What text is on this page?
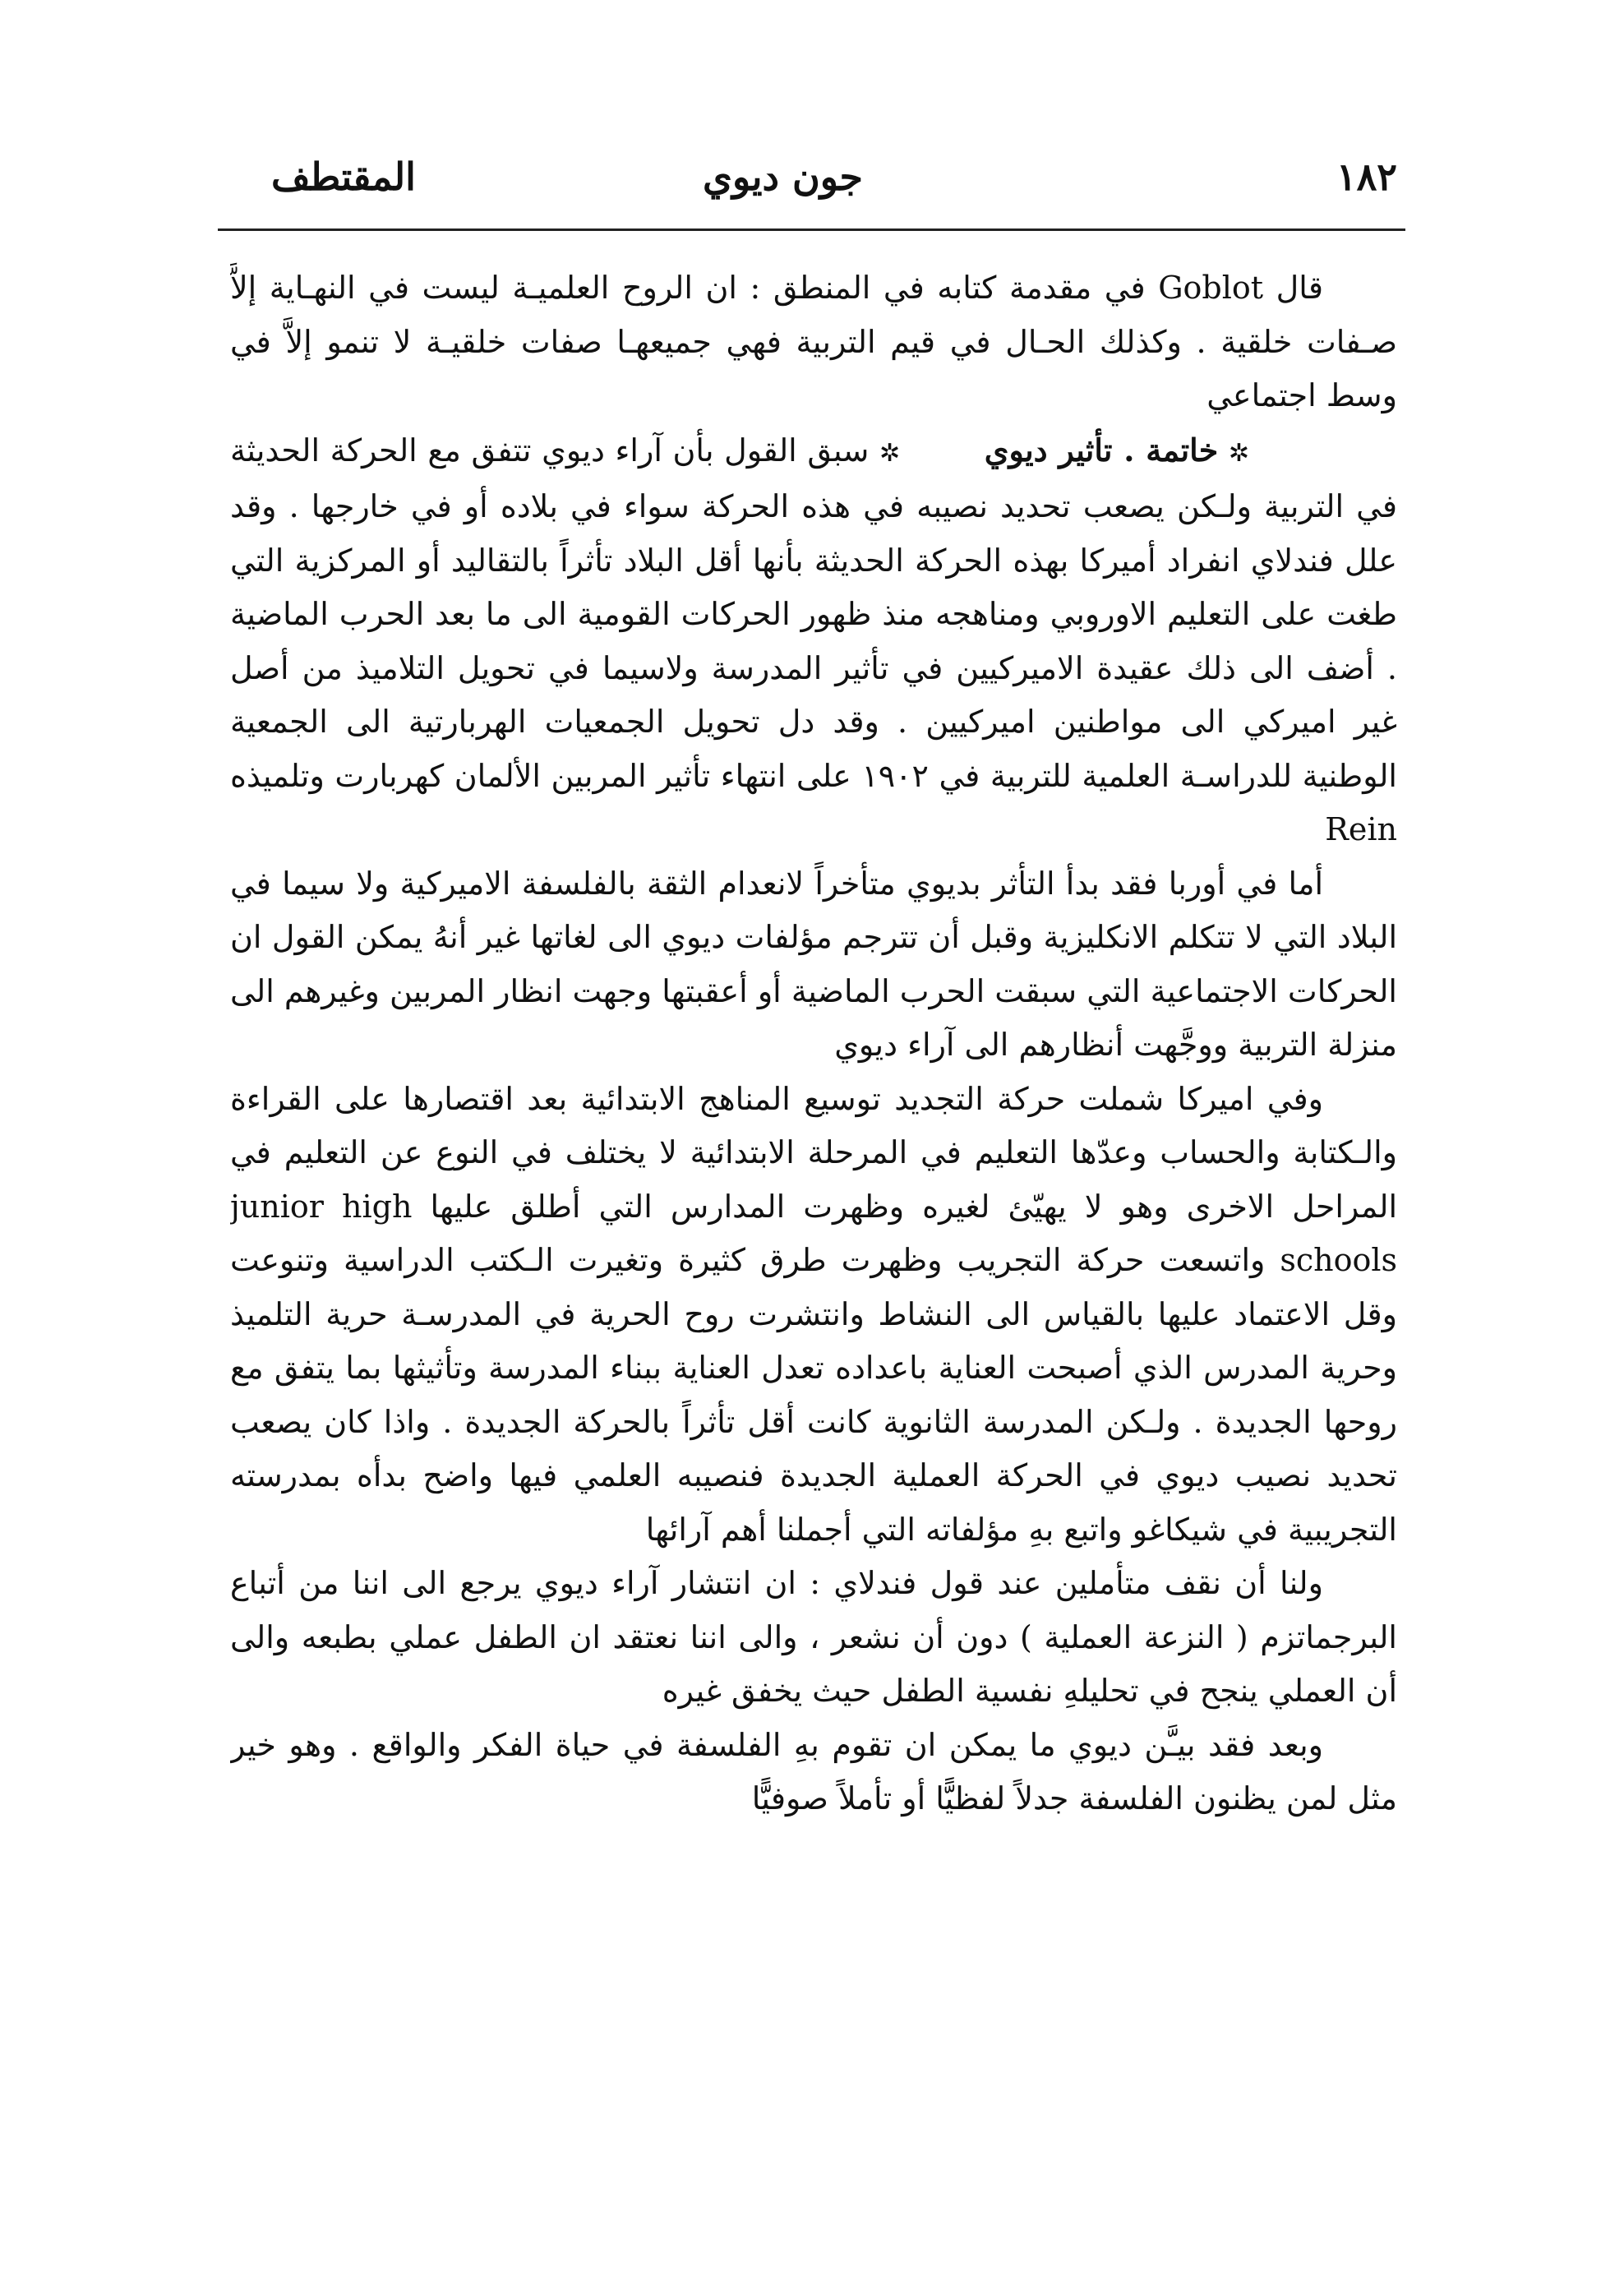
١٨٢
جون ديوي
المقتطف

قال Goblot في مقدمة كتابه في المنطق : ان الروح العلميـة ليست في النهـاية إلاَّ صـفات خلقية . وكذلك الحـال في قيم التربية فهي جميعهـا صفات خلقيـة لا تنمو إلاَّ في وسط اجتماعي

✲ خاتمة . تأثير ديوي ✲ سبق القول بأن آراء ديوي تتفق مع الحركة الحديثة في التربية ولـكن يصعب تحديد نصيبه في هذه الحركة سواء في بلاده أو في خارجها . وقد علل فندلاي انفراد أميركا بهذه الحركة الحديثة بأنها أقل البلاد تأثراً بالتقاليد أو المركزية التي طغت على التعليم الاوروبي ومناهجه منذ ظهور الحركات القومية الى ما بعد الحرب الماضية . أضف الى ذلك عقيدة الاميركيين في تأثير المدرسة ولاسيما في تحويل التلاميذ من أصل غير اميركي الى مواطنين اميركيين . وقد دل تحويل الجمعيات الهربارتية الى الجمعية الوطنية للدراسـة العلمية للتربية في ١٩٠٢ على انتهاء تأثير المربين الألمان كهربارت وتلميذه Rein

أما في أوربا فقد بدأ التأثر بديوي متأخراً لانعدام الثقة بالفلسفة الاميركية ولا سيما في البلاد التي لا تتكلم الانكليزية وقبل أن تترجم مؤلفات ديوي الى لغاتها غير أنهُ يمكن القول ان الحركات الاجتماعية التي سبقت الحرب الماضية أو أعقبتها وجهت انظار المربين وغيرهم الى منزلة التربية ووجَّهت أنظارهم الى آراء ديوي

وفي اميركا شملت حركة التجديد توسيع المناهج الابتدائية بعد اقتصارها على القراءة والـكتابة والحساب وعدّها التعليم في المرحلة الابتدائية لا يختلف في النوع عن التعليم في المراحل الاخرى وهو لا يهيّئ لغيره وظهرت المدارس التي أطلق عليها junior high schools واتسعت حركة التجريب وظهرت طرق كثيرة وتغيرت الـكتب الدراسية وتنوعت وقل الاعتماد عليها بالقياس الى النشاط وانتشرت روح الحرية في المدرسـة حرية التلميذ وحرية المدرس الذي أصبحت العناية باعداده تعدل العناية ببناء المدرسة وتأثيثها بما يتفق مع روحها الجديدة . ولـكن المدرسة الثانوية كانت أقل تأثراً بالحركة الجديدة . واذا كان يصعب تحديد نصيب ديوي في الحركة العملية الجديدة فنصيبه العلمي فيها واضح بدأه بمدرسته التجريبية في شيكاغو واتبع بهِ مؤلفاته التي أجملنا أهم آرائها

ولنا أن نقف متأملين عند قول فندلاي : ان انتشار آراء ديوي يرجع الى اننا من أتباع البرجماتزم ( النزعة العملية ) دون أن نشعر ، والى اننا نعتقد ان الطفل عملي بطبعه والى أن العملي ينجح في تحليلهِ نفسية الطفل حيث يخفق غيره

وبعد فقد بيـَّن ديوي ما يمكن ان تقوم بهِ الفلسفة في حياة الفكر والواقع . وهو خير مثل لمن يظنون الفلسفة جدلاً لفظيًّا أو تأملاً صوفيًّا
